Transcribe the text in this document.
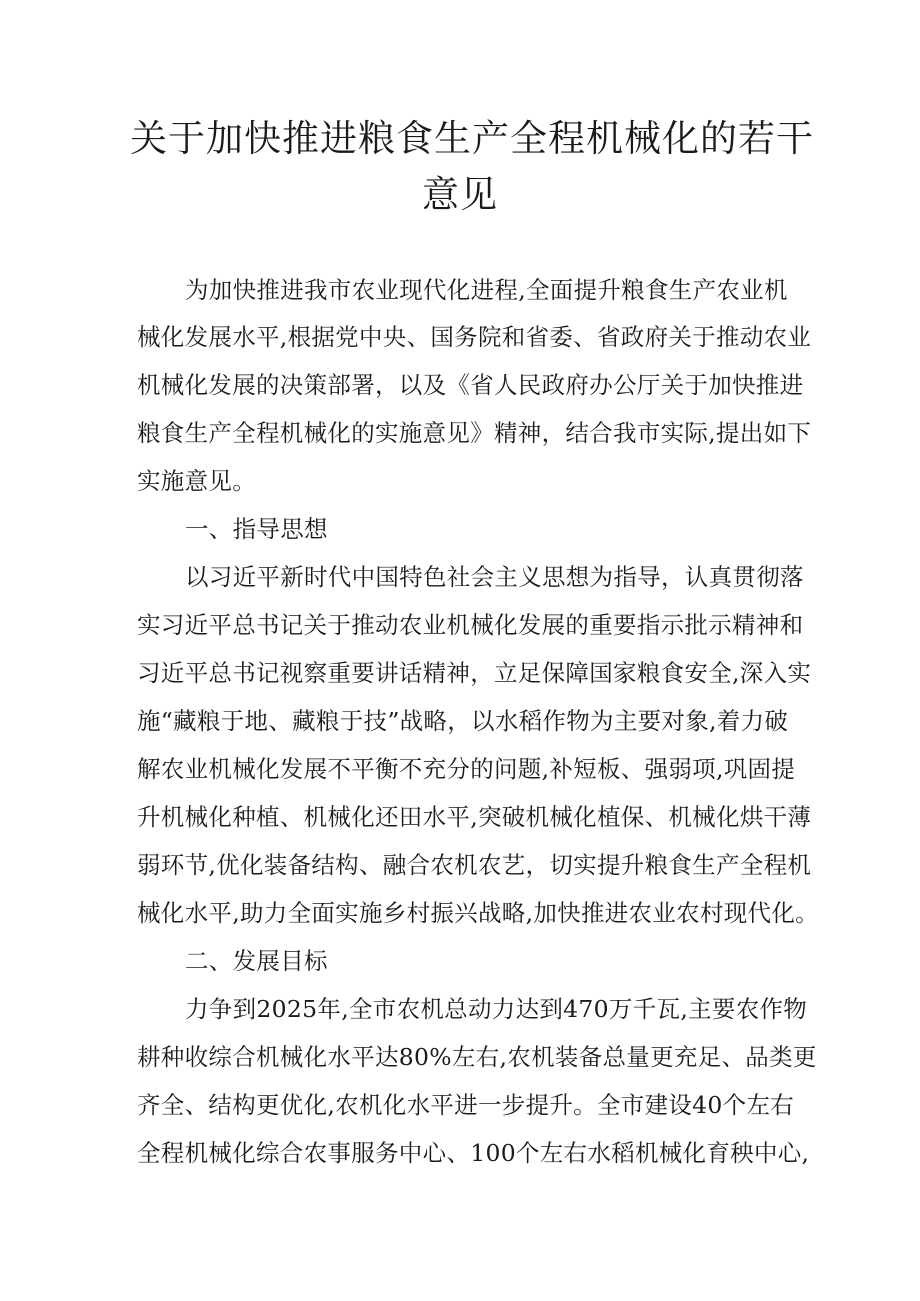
关于加快推进粮食生产全程机械化的若干
意见
为加快推进我市农业现代化进程,全面提升粮食生产农业机
械化发展水平,根据党中央、国务院和省委、省政府关于推动农业
机械化发展的决策部署，以及《省人民政府办公厅关于加快推进
粮食生产全程机械化的实施意见》精神，结合我市实际,提出如下
实施意见。
一、指导思想
以习近平新时代中国特色社会主义思想为指导，认真贯彻落
实习近平总书记关于推动农业机械化发展的重要指示批示精神和
习近平总书记视察重要讲话精神，立足保障国家粮食安全,深入实
施“藏粮于地、藏粮于技”战略，以水稻作物为主要对象,着力破
解农业机械化发展不平衡不充分的问题,补短板、强弱项,巩固提
升机械化种植、机械化还田水平,突破机械化植保、机械化烘干薄
弱环节,优化装备结构、融合农机农艺，切实提升粮食生产全程机
械化水平,助力全面实施乡村振兴战略,加快推进农业农村现代化。
二、发展目标
力争到2025年,全市农机总动力达到470万千瓦,主要农作物
耕种收综合机械化水平达80%左右,农机装备总量更充足、品类更
齐全、结构更优化,农机化水平进一步提升。全市建设40个左右
全程机械化综合农事服务中心、100个左右水稻机械化育秧中心,
